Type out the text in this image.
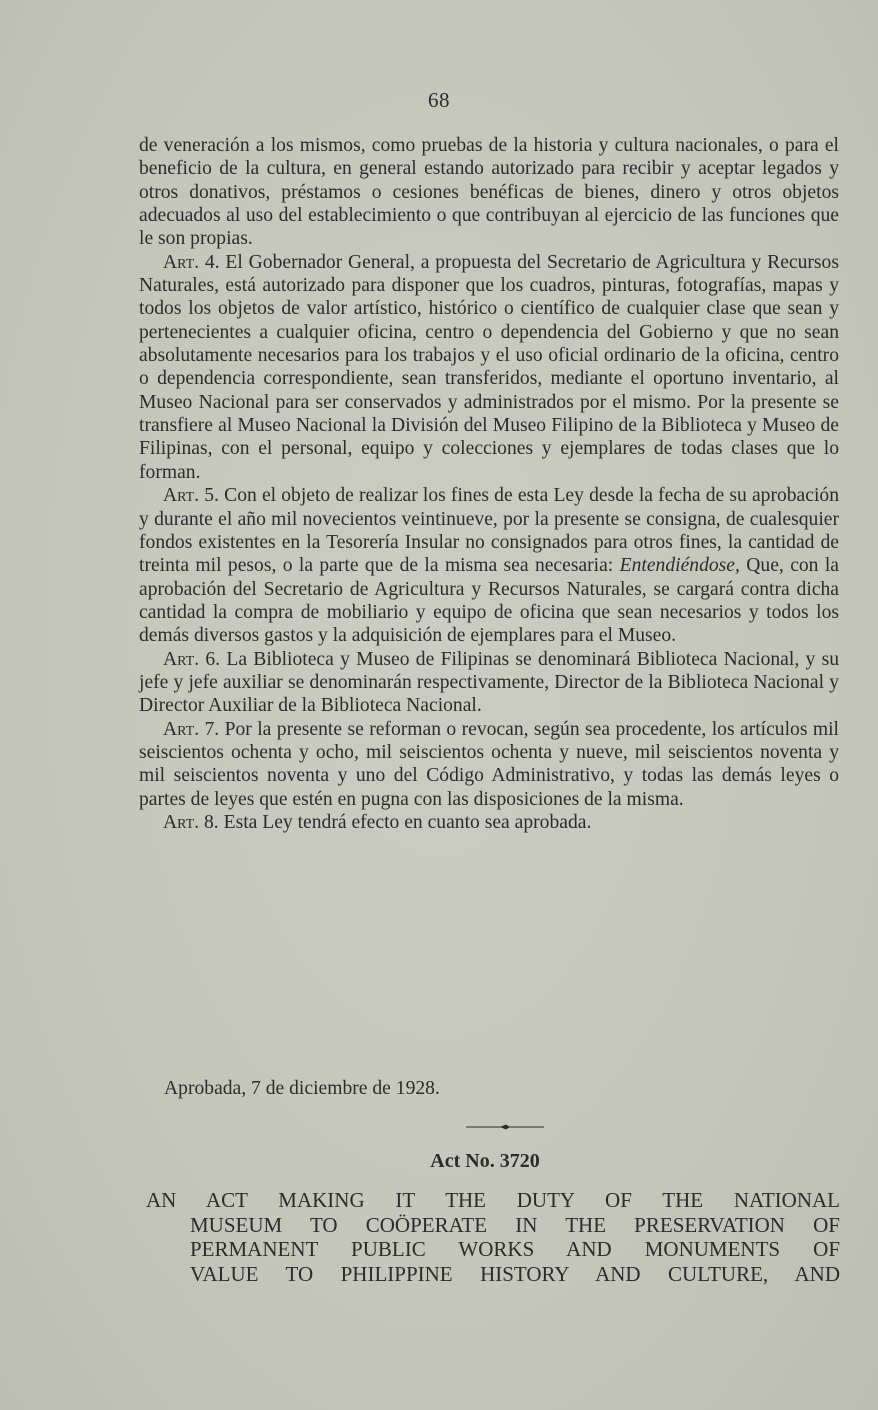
68

de veneración a los mismos, como pruebas de la historia y cultura nacionales, o para el beneficio de la cultura, en general estando autorizado para recibir y aceptar legados y otros donativos, préstamos o cesiones benéficas de bienes, dinero y otros objetos adecuados al uso del establecimiento o que contribuyan al ejercicio de las funciones que le son propias.

Art. 4. El Gobernador General, a propuesta del Secretario de Agricultura y Recursos Naturales, está autorizado para disponer que los cuadros, pinturas, fotografías, mapas y todos los objetos de valor artístico, histórico o científico de cualquier clase que sean y pertenecientes a cualquier oficina, centro o dependencia del Gobierno y que no sean absolutamente necesarios para los trabajos y el uso oficial ordinario de la oficina, centro o dependencia correspondiente, sean transferidos, mediante el oportuno inventario, al Museo Nacional para ser conservados y administrados por el mismo. Por la presente se transfiere al Museo Nacional la División del Museo Filipino de la Biblioteca y Museo de Filipinas, con el personal, equipo y colecciones y ejemplares de todas clases que lo forman.

Art. 5. Con el objeto de realizar los fines de esta Ley desde la fecha de su aprobación y durante el año mil novecientos veintinueve, por la presente se consigna, de cualesquier fondos existentes en la Tesorería Insular no consignados para otros fines, la cantidad de treinta mil pesos, o la parte que de la misma sea necesaria: Entendiéndose, Que, con la aprobación del Secretario de Agricultura y Recursos Naturales, se cargará contra dicha cantidad la compra de mobiliario y equipo de oficina que sean necesarios y todos los demás diversos gastos y la adquisición de ejemplares para el Museo.

Art. 6. La Biblioteca y Museo de Filipinas se denominará Biblioteca Nacional, y su jefe y jefe auxiliar se denominarán respectivamente, Director de la Biblioteca Nacional y Director Auxiliar de la Biblioteca Nacional.

Art. 7. Por la presente se reforman o revocan, según sea procedente, los artículos mil seiscientos ochenta y ocho, mil seiscientos ochenta y nueve, mil seiscientos noventa y mil seiscientos noventa y uno del Código Administrativo, y todas las demás leyes o partes de leyes que estén en pugna con las disposiciones de la misma.

Art. 8. Esta Ley tendrá efecto en cuanto sea aprobada.

Aprobada, 7 de diciembre de 1928.
Act No. 3720
AN ACT MAKING IT THE DUTY OF THE NATIONAL
MUSEUM TO COÖPERATE IN THE PRESERVATION OF
PERMANENT PUBLIC WORKS AND MONUMENTS OF
VALUE TO PHILIPPINE HISTORY AND CULTURE, AND
